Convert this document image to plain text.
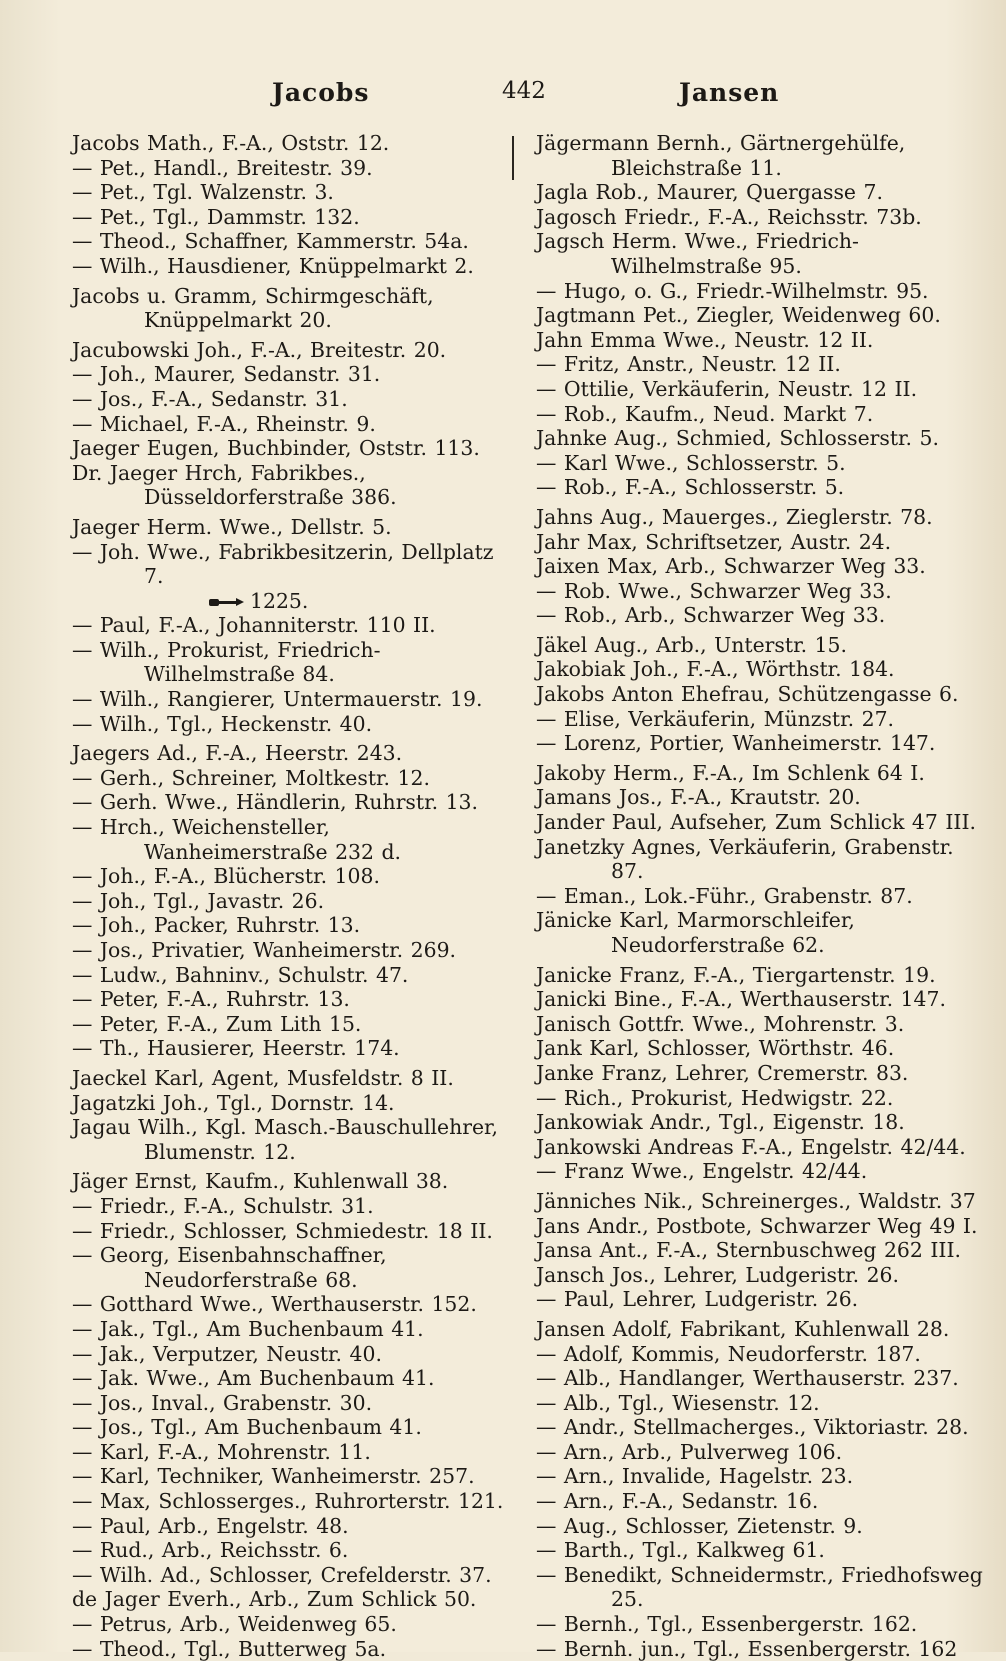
Jacobs	442	Jansen
Jacobs Math., F.-A., Oststr. 12.
— Pet., Handl., Breitestr. 39.
— Pet., Tgl. Walzenstr. 3.
— Pet., Tgl., Dammstr. 132.
— Theod., Schaffner, Kammerstr. 54a.
— Wilh., Hausdiener, Knüppelmarkt 2.
Jacobs u. Gramm, Schirmgeschäft, Knüppelmarkt 20.
Jacubowski Joh., F.-A., Breitestr. 20.
— Joh., Maurer, Sedanstr. 31.
— Jos., F.-A., Sedanstr. 31.
— Michael, F.-A., Rheinstr. 9.
Jaeger Eugen, Buchbinder, Oststr. 113.
Dr. Jaeger Hrch, Fabrikbes., Düsseldorferstraße 386.
Jaeger Herm. Wwe., Dellstr. 5.
— Joh. Wwe., Fabrikbesitzerin, Dellplatz 7.
1225.
— Paul, F.-A., Johanniterstr. 110 II.
— Wilh., Prokurist, Friedrich-Wilhelmstraße 84.
— Wilh., Rangierer, Untermauerstr. 19.
— Wilh., Tgl., Heckenstr. 40.
Jaegers Ad., F.-A., Heerstr. 243.
— Gerh., Schreiner, Moltkestr. 12.
— Gerh. Wwe., Händlerin, Ruhrstr. 13.
— Hrch., Weichensteller, Wanheimerstraße 232 d.
— Joh., F.-A., Blücherstr. 108.
— Joh., Tgl., Javastr. 26.
— Joh., Packer, Ruhrstr. 13.
— Jos., Privatier, Wanheimerstr. 269.
— Ludw., Bahninv., Schulstr. 47.
— Peter, F.-A., Ruhrstr. 13.
— Peter, F.-A., Zum Lith 15.
— Th., Hausierer, Heerstr. 174.
Jaeckel Karl, Agent, Musfeldstr. 8 II.
Jagatzki Joh., Tgl., Dornstr. 14.
Jagau Wilh., Kgl. Masch.-Bauschullehrer, Blumenstr. 12.
Jäger Ernst, Kaufm., Kuhlenwall 38.
— Friedr., F.-A., Schulstr. 31.
— Friedr., Schlosser, Schmiedestr. 18 II.
— Georg, Eisenbahnschaffner, Neudorferstraße 68.
— Gotthard Wwe., Werthauserstr. 152.
— Jak., Tgl., Am Buchenbaum 41.
— Jak., Verputzer, Neustr. 40.
— Jak. Wwe., Am Buchenbaum 41.
— Jos., Inval., Grabenstr. 30.
— Jos., Tgl., Am Buchenbaum 41.
— Karl, F.-A., Mohrenstr. 11.
— Karl, Techniker, Wanheimerstr. 257.
— Max, Schlosserges., Ruhrorterstr. 121.
— Paul, Arb., Engelstr. 48.
— Rud., Arb., Reichsstr. 6.
— Wilh. Ad., Schlosser, Crefelderstr. 37.
de Jager Everh., Arb., Zum Schlick 50.
— Petrus, Arb., Weidenweg 65.
— Theod., Tgl., Butterweg 5a.
Jägermann Bernh., Gärtnergehülfe, Bleichstraße 11.
Jagla Rob., Maurer, Quergasse 7.
Jagosch Friedr., F.-A., Reichsstr. 73b.
Jagsch Herm. Wwe., Friedrich-Wilhelmstraße 95.
— Hugo, o. G., Friedr.-Wilhelmstr. 95.
Jagtmann Pet., Ziegler, Weidenweg 60.
Jahn Emma Wwe., Neustr. 12 II.
— Fritz, Anstr., Neustr. 12 II.
— Ottilie, Verkäuferin, Neustr. 12 II.
— Rob., Kaufm., Neud. Markt 7.
Jahnke Aug., Schmied, Schlosserstr. 5.
— Karl Wwe., Schlosserstr. 5.
— Rob., F.-A., Schlosserstr. 5.
Jahns Aug., Mauerges., Zieglerstr. 78.
Jahr Max, Schriftsetzer, Austr. 24.
Jaixen Max, Arb., Schwarzer Weg 33.
— Rob. Wwe., Schwarzer Weg 33.
— Rob., Arb., Schwarzer Weg 33.
Jäkel Aug., Arb., Unterstr. 15.
Jakobiak Joh., F.-A., Wörthstr. 184.
Jakobs Anton Ehefrau, Schützengasse 6.
— Elise, Verkäuferin, Münzstr. 27.
— Lorenz, Portier, Wanheimerstr. 147.
Jakoby Herm., F.-A., Im Schlenk 64 I.
Jamans Jos., F.-A., Krautstr. 20.
Jander Paul, Aufseher, Zum Schlick 47 III.
Janetzky Agnes, Verkäuferin, Grabenstr. 87.
— Eman., Lok.-Führ., Grabenstr. 87.
Jänicke Karl, Marmorschleifer, Neudorferstraße 62.
Janicke Franz, F.-A., Tiergartenstr. 19.
Janicki Bine., F.-A., Werthauserstr. 147.
Janisch Gottfr. Wwe., Mohrenstr. 3.
Jank Karl, Schlosser, Wörthstr. 46.
Janke Franz, Lehrer, Cremerstr. 83.
— Rich., Prokurist, Hedwigstr. 22.
Jankowiak Andr., Tgl., Eigenstr. 18.
Jankowski Andreas F.-A., Engelstr. 42/44.
— Franz Wwe., Engelstr. 42/44.
Jänniches Nik., Schreinerges., Waldstr. 37
Jans Andr., Postbote, Schwarzer Weg 49 I.
Jansa Ant., F.-A., Sternbuschweg 262 III.
Jansch Jos., Lehrer, Ludgeristr. 26.
— Paul, Lehrer, Ludgeristr. 26.
Jansen Adolf, Fabrikant, Kuhlenwall 28.
— Adolf, Kommis, Neudorferstr. 187.
— Alb., Handlanger, Werthauserstr. 237.
— Alb., Tgl., Wiesenstr. 12.
— Andr., Stellmacherges., Viktoriastr. 28.
— Arn., Arb., Pulverweg 106.
— Arn., Invalide, Hagelstr. 23.
— Arn., F.-A., Sedanstr. 16.
— Aug., Schlosser, Zietenstr. 9.
— Barth., Tgl., Kalkweg 61.
— Benedikt, Schneidermstr., Friedhofsweg 25.
— Bernh., Tgl., Essenbergerstr. 162.
— Bernh. jun., Tgl., Essenbergerstr. 162
